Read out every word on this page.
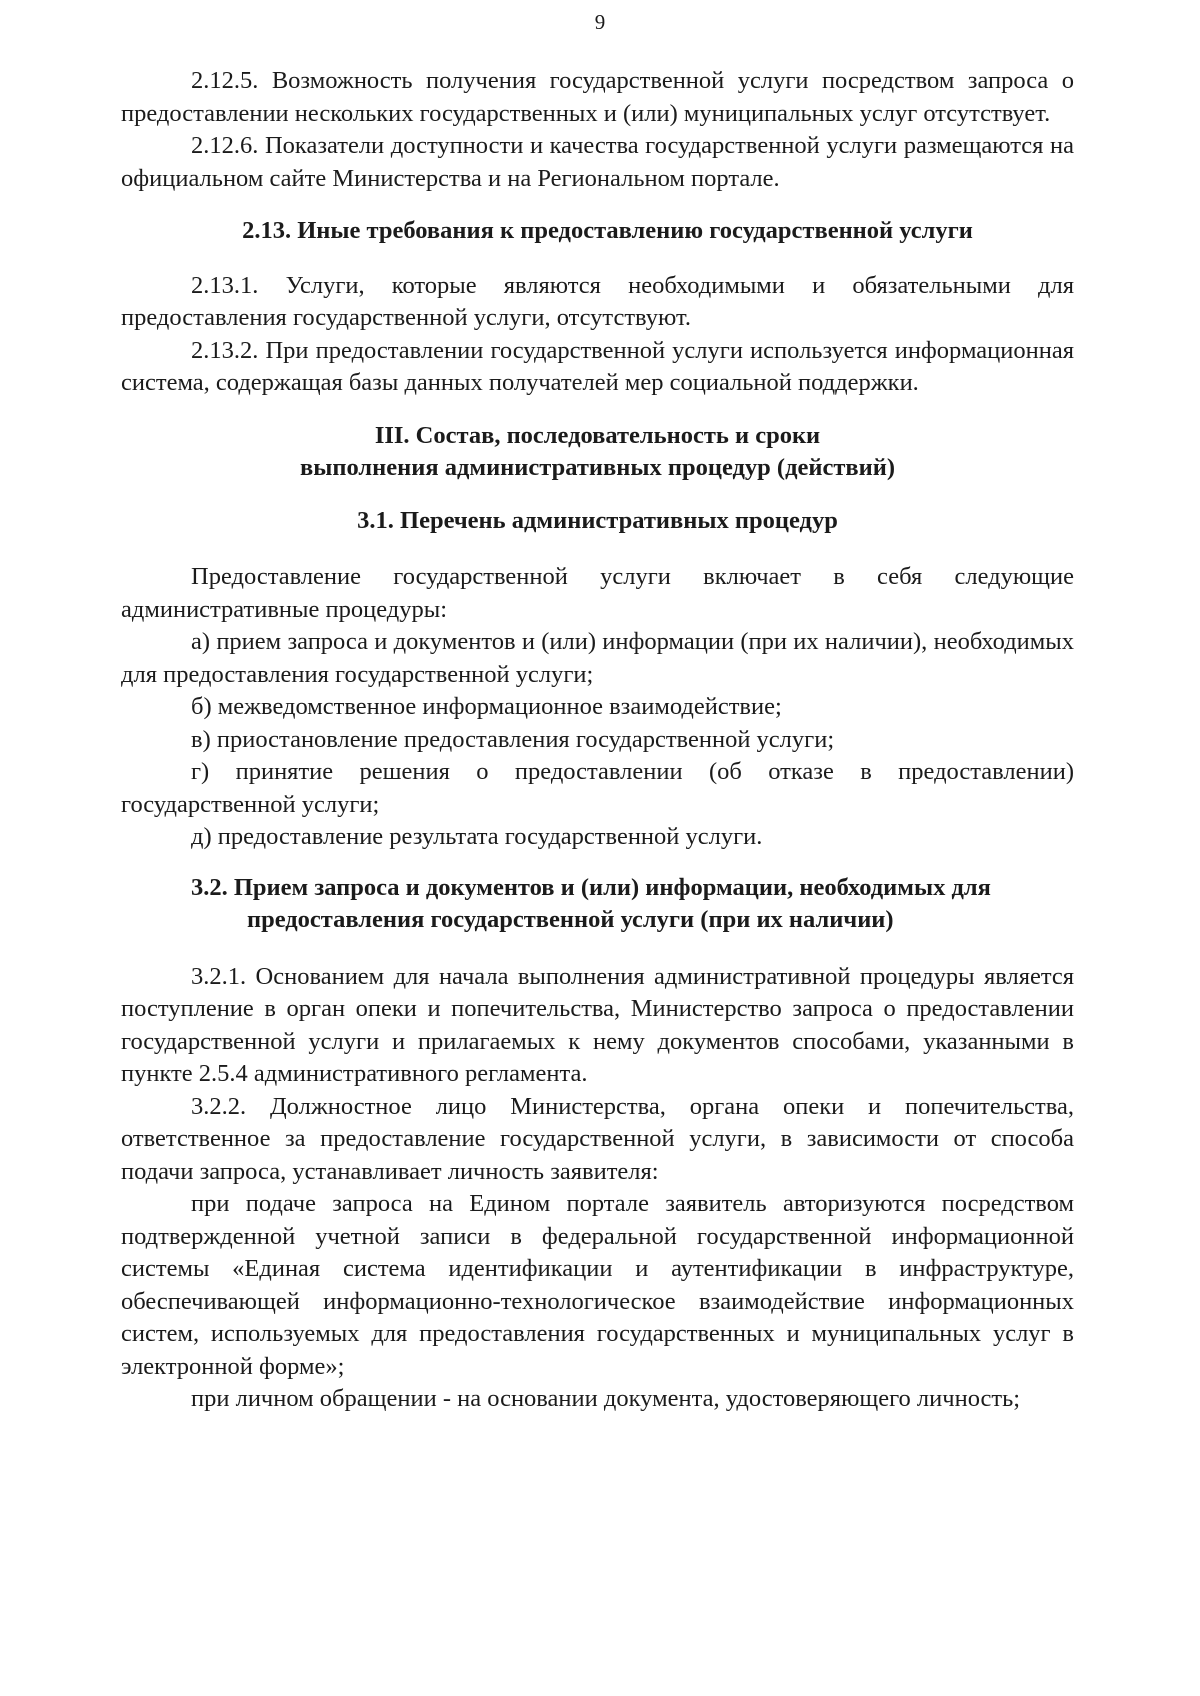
9

2.12.5. Возможность получения государственной услуги посредством запроса о предоставлении нескольких государственных и (или) муниципальных услуг отсутствует.

2.12.6. Показатели доступности и качества государственной услуги размещаются на официальном сайте Министерства и на Региональном портале.

2.13. Иные требования к предоставлению государственной услуги

2.13.1. Услуги, которые являются необходимыми и обязательными для предоставления государственной услуги, отсутствуют.

2.13.2. При предоставлении государственной услуги используется информационная система, содержащая базы данных получателей мер социальной поддержки.

III. Состав, последовательность и сроки
выполнения административных процедур (действий)

3.1. Перечень административных процедур

Предоставление государственной услуги включает в себя следующие административные процедуры:

а) прием запроса и документов и (или) информации (при их наличии), необходимых для предоставления государственной услуги;

б) межведомственное информационное взаимодействие;

в) приостановление предоставления государственной услуги;

г) принятие решения о предоставлении (об отказе в предоставлении) государственной услуги;

д) предоставление результата государственной услуги.

3.2. Прием запроса и документов и (или) информации, необходимых для
предоставления государственной услуги (при их наличии)

3.2.1. Основанием для начала выполнения административной процедуры является поступление в орган опеки и попечительства, Министерство запроса о предоставлении государственной услуги и прилагаемых к нему документов способами, указанными в пункте 2.5.4 административного регламента.

3.2.2. Должностное лицо Министерства, органа опеки и попечительства, ответственное за предоставление государственной услуги, в зависимости от способа подачи запроса, устанавливает личность заявителя:

при подаче запроса на Едином портале заявитель авторизуются посредством подтвержденной учетной записи в федеральной государственной информационной системы «Единая система идентификации и аутентификации в инфраструктуре, обеспечивающей информационно-технологическое взаимодействие информационных систем, используемых для предоставления государственных и муниципальных услуг в электронной форме»;

при личном обращении - на основании документа, удостоверяющего личность;
